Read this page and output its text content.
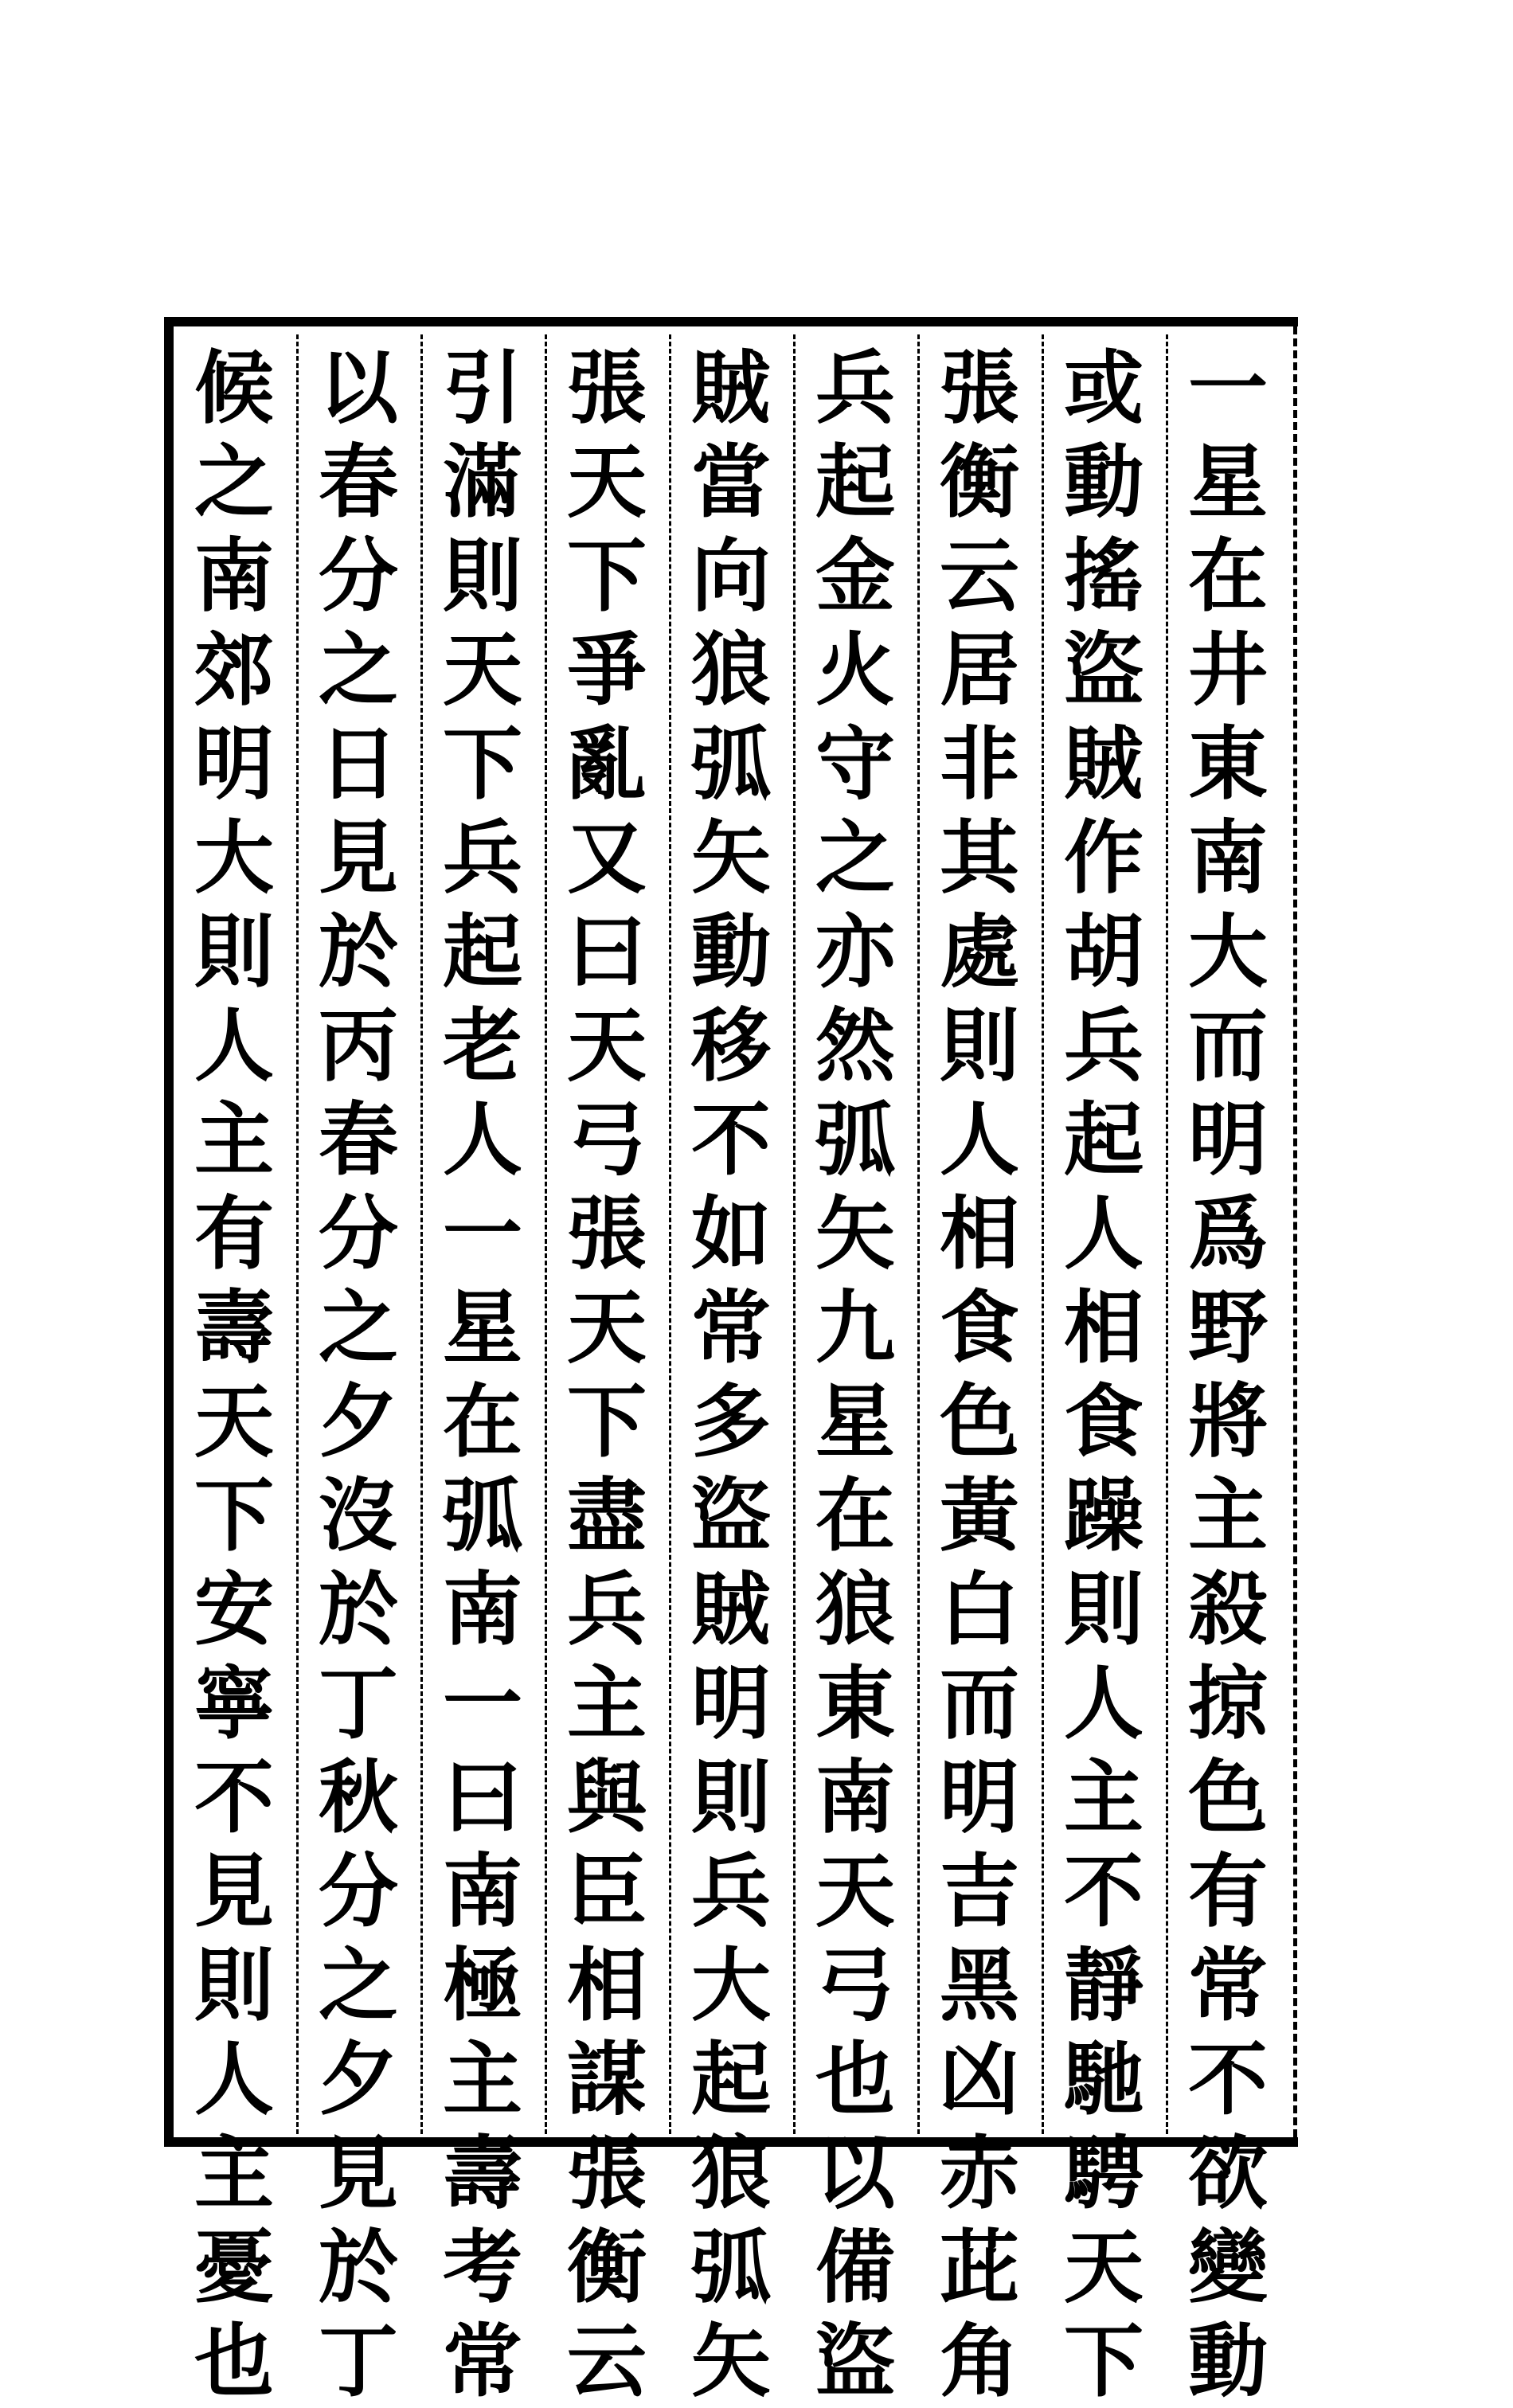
一
星
在
井
東
南
大
而
明
爲
野
將
主
殺
掠
色
有
常
不
欲
變
動
或
動
搖
盜
賊
作
胡
兵
起
人
相
食
躁
則
人
主
不
靜
馳
騁
天
下
張
衡
云
居
非
其
處
則
人
相
食
色
黃
白
而
明
吉
黑
凶
赤
茈
角
兵
起
金
火
守
之
亦
然
弧
矢
九
星
在
狼
東
南
天
弓
也
以
備
盜
賊
當
向
狼
弧
矢
動
移
不
如
常
多
盜
賊
明
則
兵
大
起
狼
弧
矢
張
天
下
爭
亂
又
曰
天
弓
張
天
下
盡
兵
主
與
臣
相
謀
張
衡
云
引
滿
則
天
下
兵
起
老
人
一
星
在
弧
南
一
曰
南
極
主
壽
考
常
以
春
分
之
日
見
於
丙
春
分
之
夕
沒
於
丁
秋
分
之
夕
見
於
丁
候
之
南
郊
明
大
則
人
主
有
壽
天
下
安
寧
不
見
則
人
主
憂
也
